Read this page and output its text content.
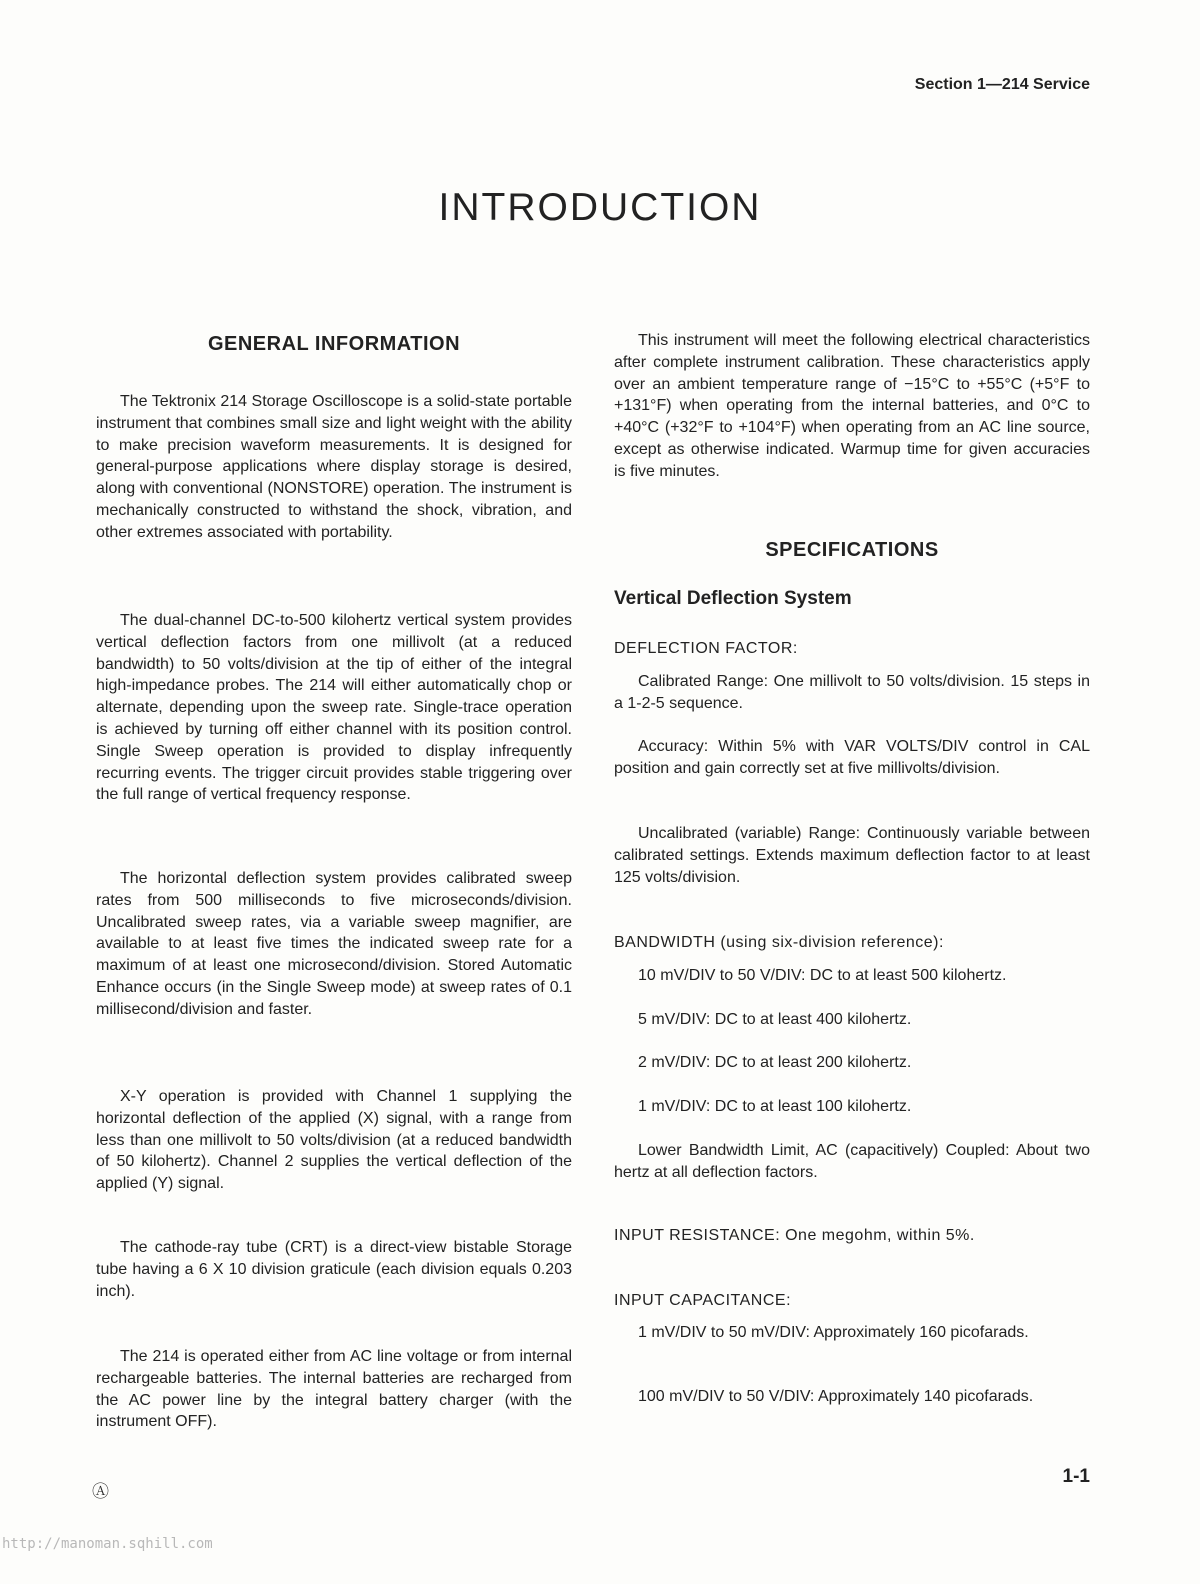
Section 1—214 Service
INTRODUCTION
GENERAL INFORMATION

The Tektronix 214 Storage Oscilloscope is a solid-state portable instrument that combines small size and light weight with the ability to make precision waveform measurements. It is designed for general-purpose applications where display storage is desired, along with conventional (NONSTORE) operation. The instrument is mechanically constructed to withstand the shock, vibration, and other extremes associated with portability.

The dual-channel DC-to-500 kilohertz vertical system provides vertical deflection factors from one millivolt (at a reduced bandwidth) to 50 volts/division at the tip of either of the integral high-impedance probes. The 214 will either automatically chop or alternate, depending upon the sweep rate. Single-trace operation is achieved by turning off either channel with its position control. Single Sweep operation is provided to display infrequently recurring events. The trigger circuit provides stable triggering over the full range of vertical frequency response.

The horizontal deflection system provides calibrated sweep rates from 500 milliseconds to five microseconds/division. Uncalibrated sweep rates, via a variable sweep magnifier, are available to at least five times the indicated sweep rate for a maximum of at least one microsecond/division. Stored Automatic Enhance occurs (in the Single Sweep mode) at sweep rates of 0.1 millisecond/division and faster.

X-Y operation is provided with Channel 1 supplying the horizontal deflection of the applied (X) signal, with a range from less than one millivolt to 50 volts/division (at a reduced bandwidth of 50 kilohertz). Channel 2 supplies the vertical deflection of the applied (Y) signal.

The cathode-ray tube (CRT) is a direct-view bistable Storage tube having a 6 X 10 division graticule (each division equals 0.203 inch).

The 214 is operated either from AC line voltage or from internal rechargeable batteries. The internal batteries are recharged from the AC power line by the integral battery charger (with the instrument OFF).

This instrument will meet the following electrical characteristics after complete instrument calibration. These characteristics apply over an ambient temperature range of −15°C to +55°C (+5°F to +131°F) when operating from the internal batteries, and 0°C to +40°C (+32°F to +104°F) when operating from an AC line source, except as otherwise indicated. Warmup time for given accuracies is five minutes.

SPECIFICATIONS
Vertical Deflection System
DEFLECTION FACTOR:

Calibrated Range: One millivolt to 50 volts/division. 15 steps in a 1-2-5 sequence.

Accuracy: Within 5% with VAR VOLTS/DIV control in CAL position and gain correctly set at five millivolts/division.

Uncalibrated (variable) Range: Continuously variable between calibrated settings. Extends maximum deflection factor to at least 125 volts/division.

BANDWIDTH (using six-division reference):
10 mV/DIV to 50 V/DIV: DC to at least 500 kilohertz.
5 mV/DIV: DC to at least 400 kilohertz.
2 mV/DIV: DC to at least 200 kilohertz.
1 mV/DIV: DC to at least 100 kilohertz.

Lower Bandwidth Limit, AC (capacitively) Coupled: About two hertz at all deflection factors.

INPUT RESISTANCE: One megohm, within 5%.
INPUT CAPACITANCE:

1 mV/DIV to 50 mV/DIV: Approximately 160 picofarads.

100 mV/DIV to 50 V/DIV: Approximately 140 picofarads.

Ⓐ
1-1
http://manoman.sqhill.com
